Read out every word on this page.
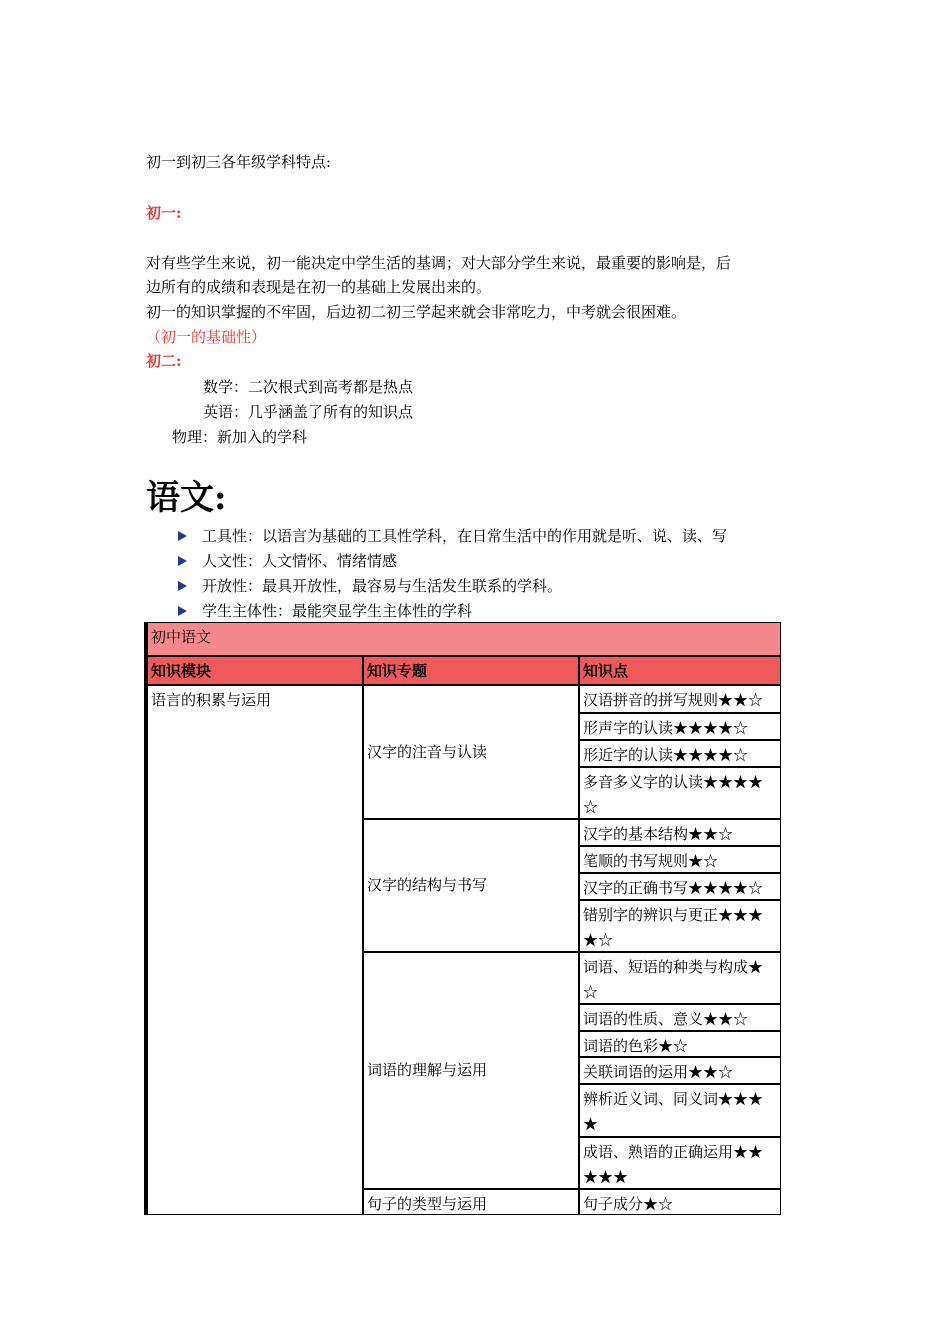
初一到初三各年级学科特点:
初一:
对有些学生来说，初一能决定中学生活的基调；对大部分学生来说，最重要的影响是，后
边所有的成绩和表现是在初一的基础上发展出来的。
初一的知识掌握的不牢固，后边初二初三学起来就会非常吃力，中考就会很困难。
（初一的基础性）
初二:
数学：二次根式到高考都是热点
英语：几乎涵盖了所有的知识点
物理：新加入的学科
语文:
工具性：以语言为基础的工具性学科，在日常生活中的作用就是听、说、读、写
人文性：人文情怀、情绪情感
开放性：最具开放性，最容易与生活发生联系的学科。
学生主体性：最能突显学生主体性的学科
初中语文
知识模块	知识专题	知识点
语言的积累与运用
汉字的注音与认读
汉字的结构与书写
词语的理解与运用
句子的类型与运用
汉语拼音的拼写规则★★☆
形声字的认读★★★★☆
形近字的认读★★★★☆
多音多义字的认读★★★★☆
汉字的基本结构★★☆
笔顺的书写规则★☆
汉字的正确书写★★★★☆
错别字的辨识与更正★★★★☆
词语、短语的种类与构成★☆
词语的性质、意义★★☆
词语的色彩★☆
关联词语的运用★★☆
辨析近义词、同义词★★★★
成语、熟语的正确运用★★★★★
句子成分★☆
